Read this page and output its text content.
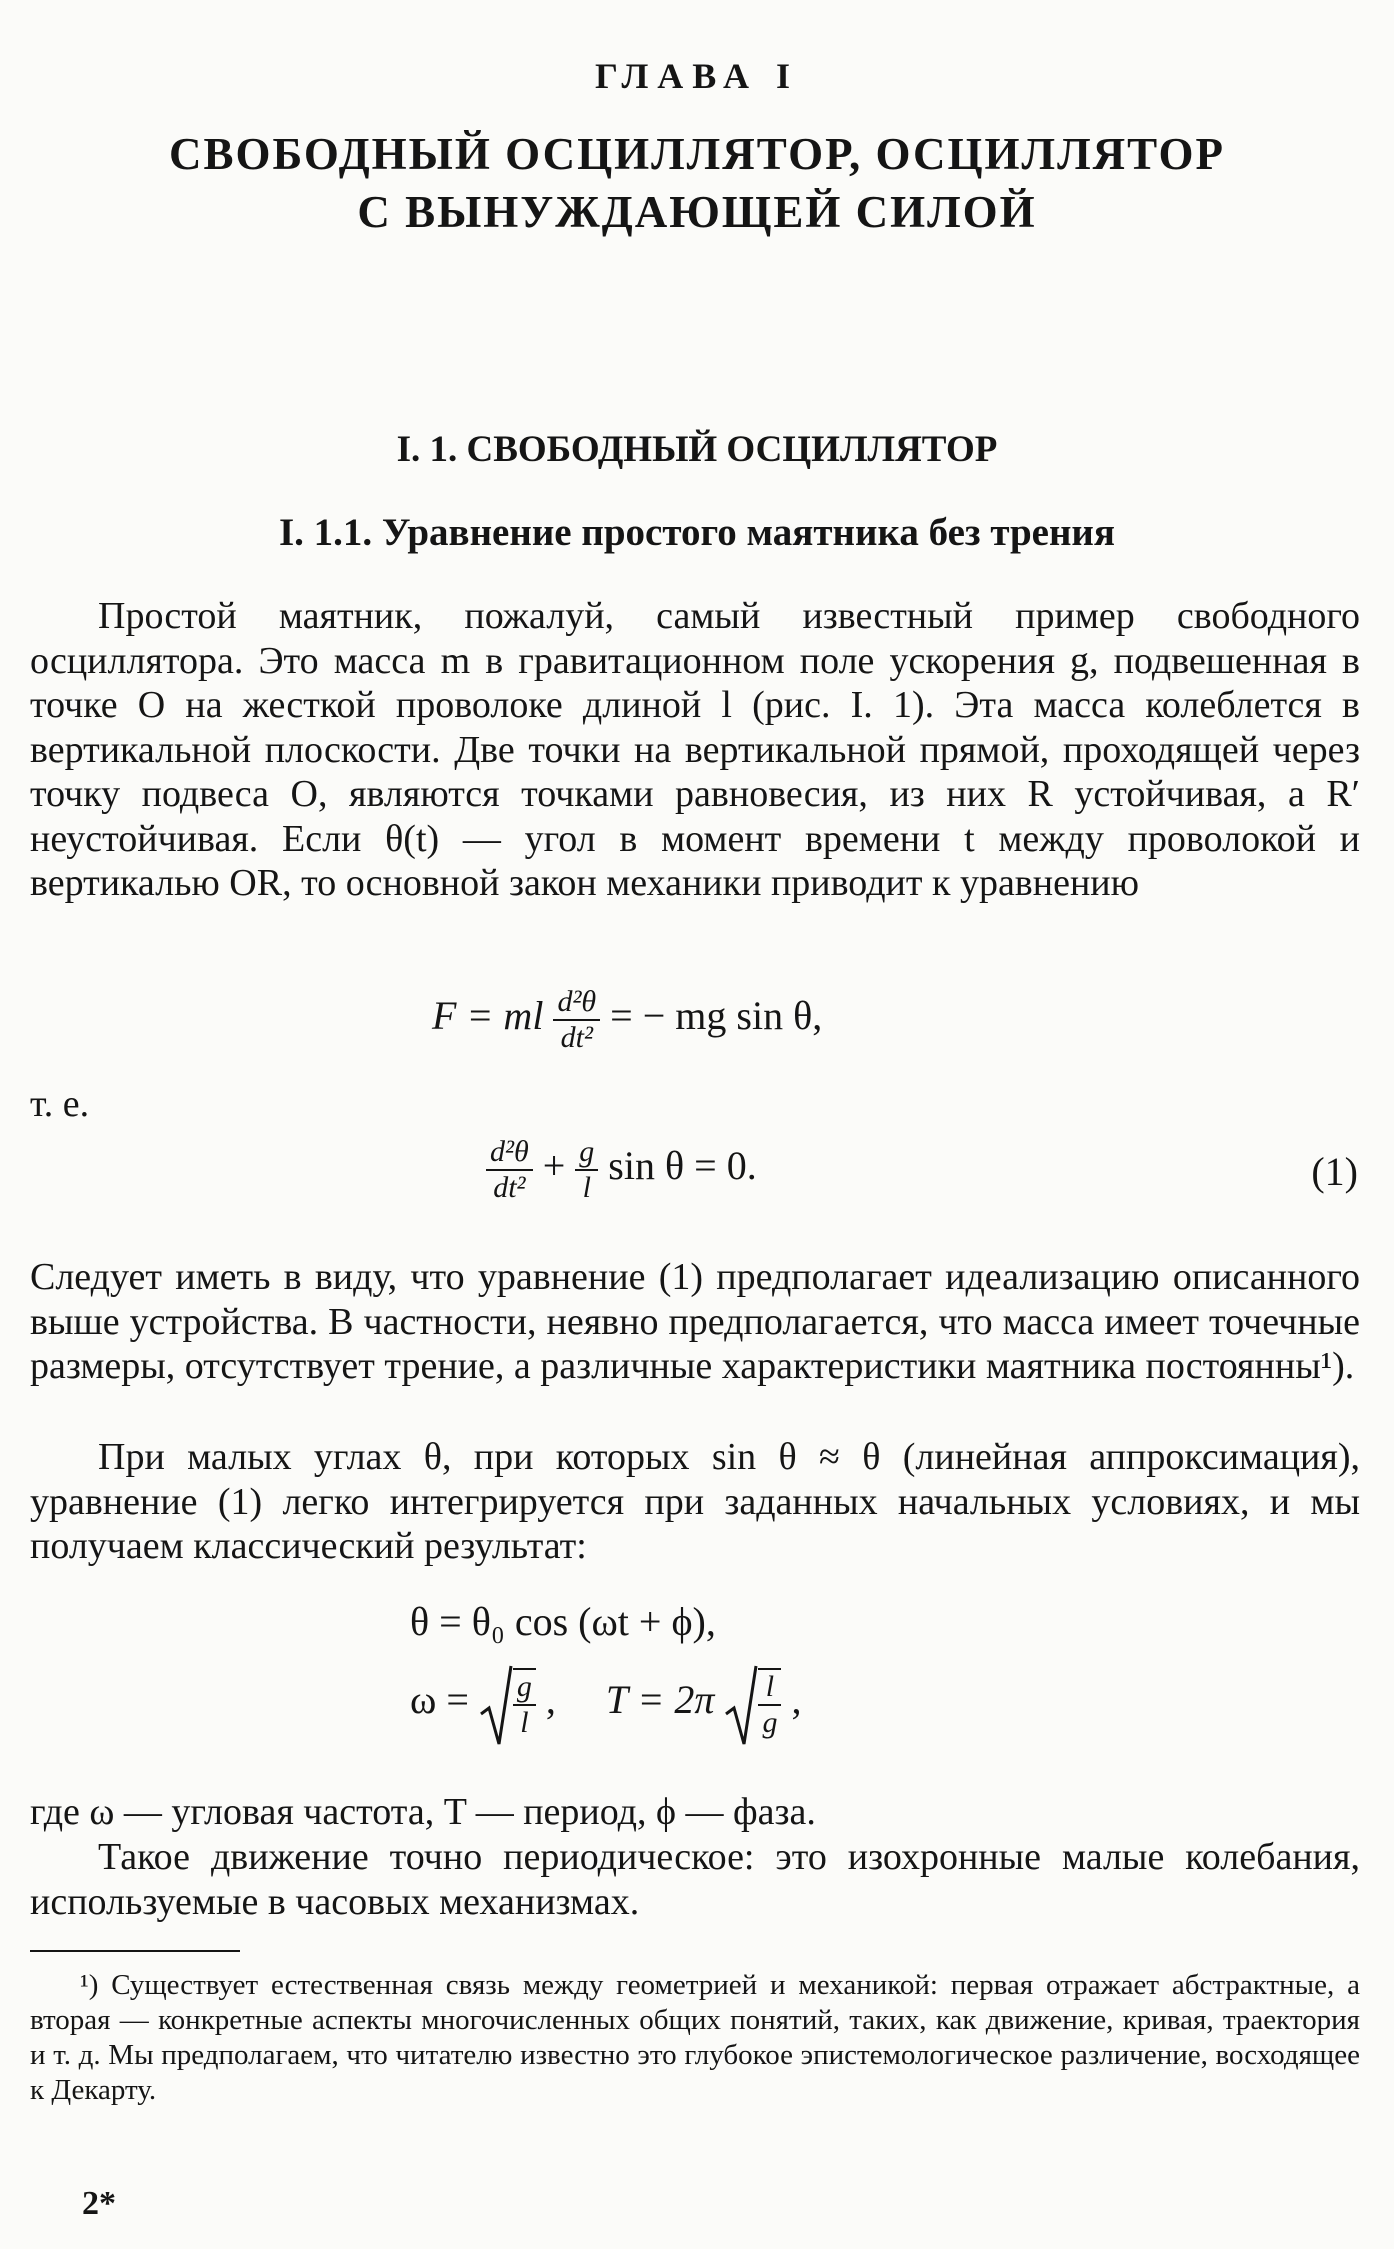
ГЛАВА I
СВОБОДНЫЙ ОСЦИЛЛЯТОР, ОСЦИЛЛЯТОР
С ВЫНУЖДАЮЩЕЙ СИЛОЙ
I. 1. СВОБОДНЫЙ ОСЦИЛЛЯТОР
I. 1.1. Уравнение простого маятника без трения
Простой маятник, пожалуй, самый известный пример свободного осциллятора. Это масса m в гравитационном поле ускорения g, подвешенная в точке O на жесткой проволоке длиной l (рис. I. 1). Эта масса колеблется в вертикальной плоскости. Две точки на вертикальной прямой, проходящей через точку подвеса O, являются точками равновесия, из них R устойчивая, а R′ неустойчивая. Если θ(t) — угол в момент времени t между проволокой и вертикалью OR, то основной закон механики приводит к уравнению
F = ml $\frac{\text{d²θ}}{\text{dt²}}$ = − mg sin θ,
т. е.
$\frac{\text{d²θ}}{\text{dt²}} + \frac{g}{l}$ sin θ = 0.	(1)
Следует иметь в виду, что уравнение (1) предполагает идеализацию описанного выше устройства. В частности, неявно предполагается, что масса имеет точечные размеры, отсутствует трение, а различные характеристики маятника постоянны¹).
При малых углах θ, при которых sin θ ≈ θ (линейная аппроксимация), уравнение (1) легко интегрируется при заданных начальных условиях, и мы получаем классический результат:
θ = θ₀ cos (ωt + ϕ),
$\omega = \frac{g}{l}$ , $T = 2\pi \frac{l}{g}$ ,
где ω — угловая частота, T — период, ϕ — фаза.
Такое движение точно периодическое: это изохронные малые колебания, используемые в часовых механизмах.
¹) Существует естественная связь между геометрией и механикой: первая отражает абстрактные, а вторая — конкретные аспекты многочисленных общих понятий, таких, как движение, кривая, траектория и т. д. Мы предполагаем, что читателю известно это глубокое эпистемологическое различение, восходящее к Декарту.
2*
